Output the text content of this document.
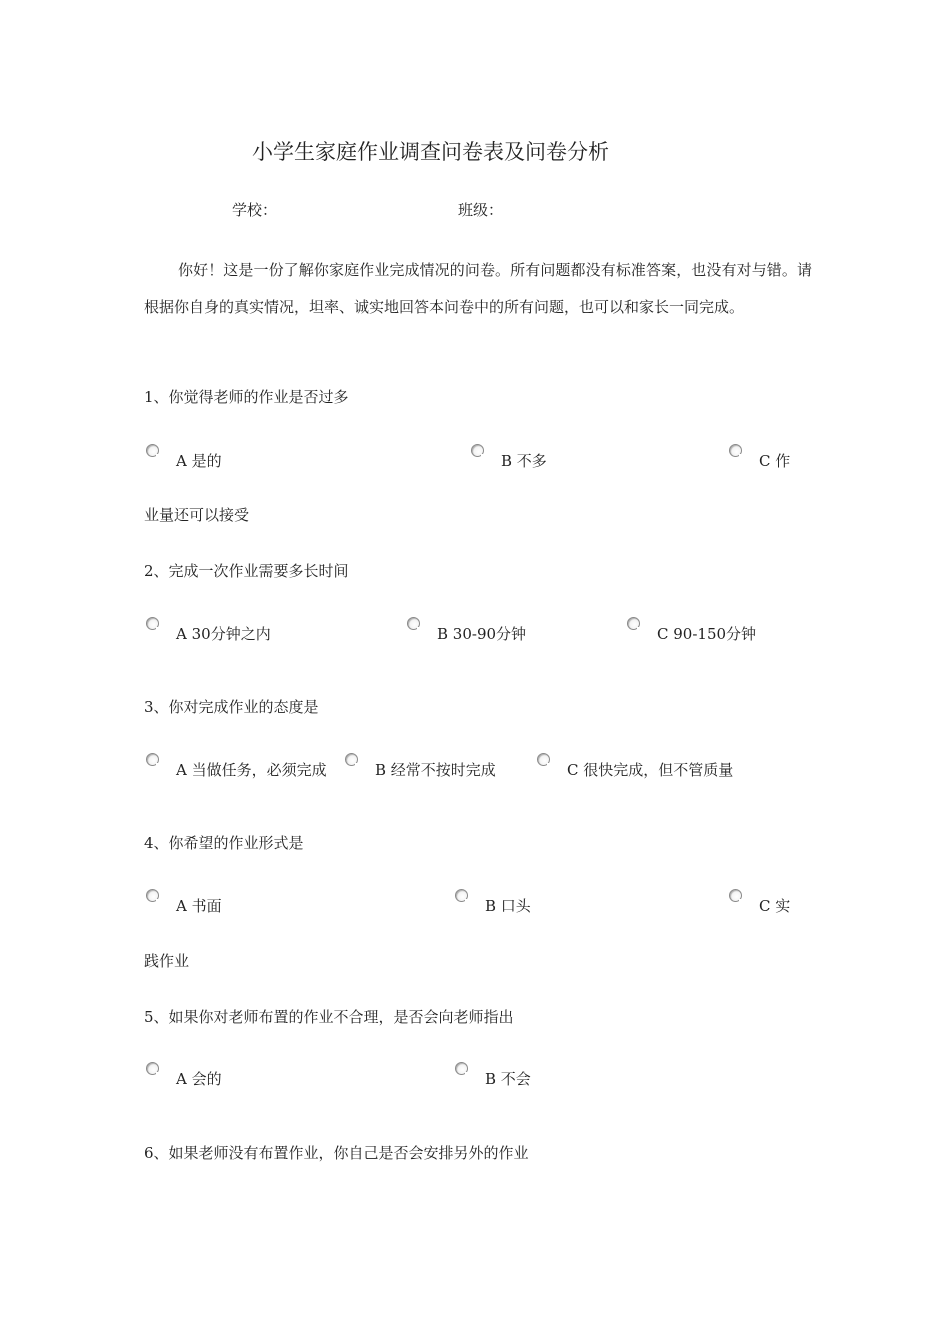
小学生家庭作业调查问卷表及问卷分析
学校：	班级：
你好！这是一份了解你家庭作业完成情况的问卷。所有问题都没有标准答案，也没有对与错。请根据你自身的真实情况，坦率、诚实地回答本问卷中的所有问题，也可以和家长一同完成。
1、你觉得老师的作业是否过多
A 是的	B 不多	C 作
业量还可以接受
2、完成一次作业需要多长时间
A 30分钟之内	B 30-90分钟	C 90-150分钟
3、你对完成作业的态度是
A 当做任务，必须完成	B 经常不按时完成	C 很快完成，但不管质量
4、你希望的作业形式是
A 书面	B 口头	C 实
践作业
5、如果你对老师布置的作业不合理，是否会向老师指出
A 会的	B 不会
6、如果老师没有布置作业，你自己是否会安排另外的作业
